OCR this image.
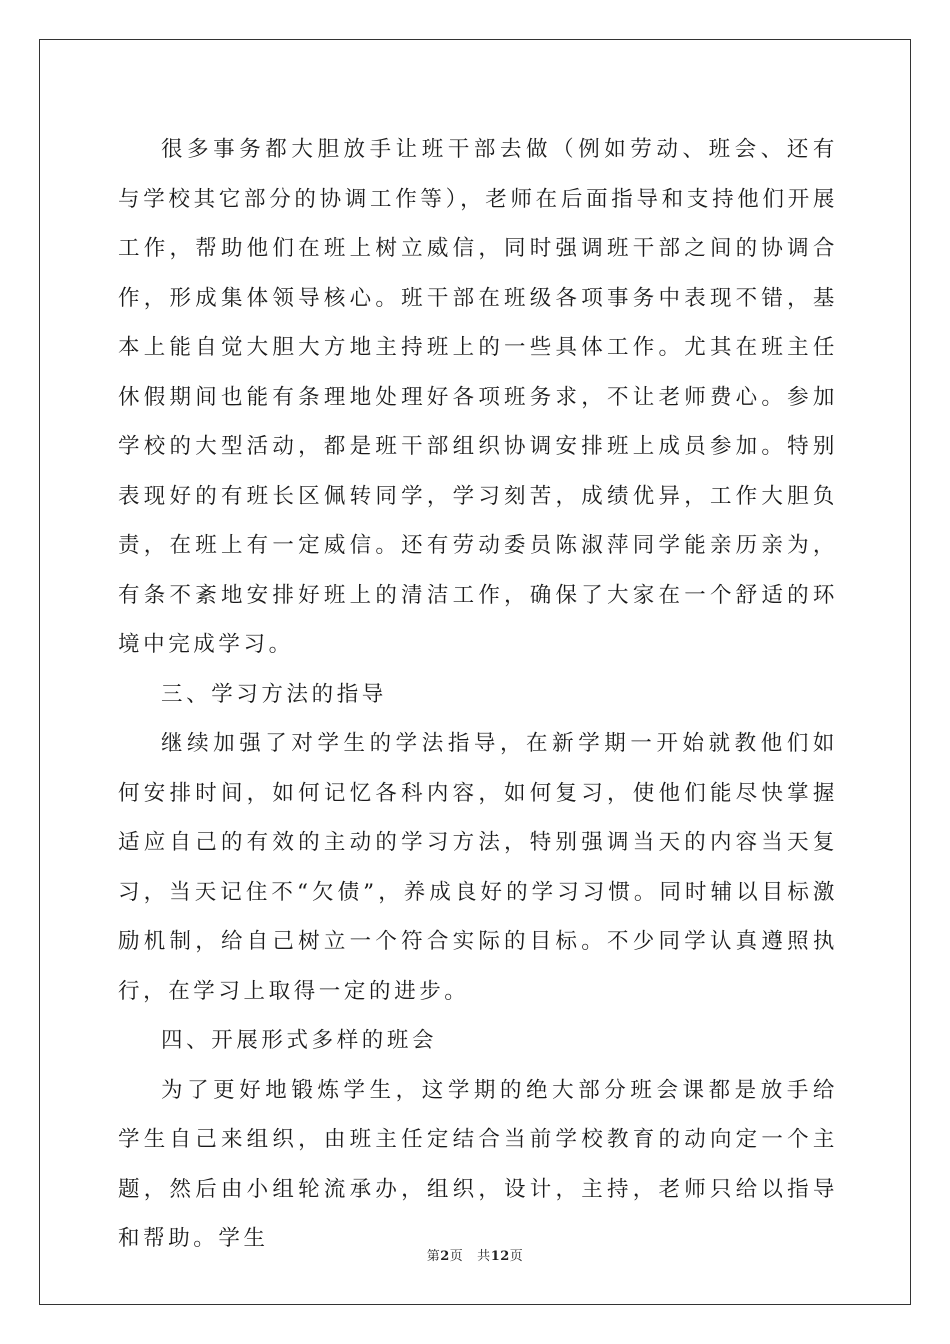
很多事务都大胆放手让班干部去做（例如劳动、班会、还有与学校其它部分的协调工作等），老师在后面指导和支持他们开展工作，帮助他们在班上树立威信，同时强调班干部之间的协调合作，形成集体领导核心。班干部在班级各项事务中表现不错，基本上能自觉大胆大方地主持班上的一些具体工作。尤其在班主任休假期间也能有条理地处理好各项班务求，不让老师费心。参加学校的大型活动，都是班干部组织协调安排班上成员参加。特别表现好的有班长区佩转同学，学习刻苦，成绩优异，工作大胆负责，在班上有一定威信。还有劳动委员陈淑萍同学能亲历亲为，有条不紊地安排好班上的清洁工作，确保了大家在一个舒适的环境中完成学习。

三、学习方法的指导

继续加强了对学生的学法指导，在新学期一开始就教他们如何安排时间，如何记忆各科内容，如何复习，使他们能尽快掌握适应自己的有效的主动的学习方法，特别强调当天的内容当天复习，当天记住不“欠债”，养成良好的学习习惯。同时辅以目标激励机制，给自己树立一个符合实际的目标。不少同学认真遵照执行，在学习上取得一定的进步。

四、开展形式多样的班会

为了更好地锻炼学生，这学期的绝大部分班会课都是放手给学生自己来组织，由班主任定结合当前学校教育的动向定一个主题，然后由小组轮流承办，组织，设计，主持，老师只给以指导和帮助。学生

第2页 共12页
